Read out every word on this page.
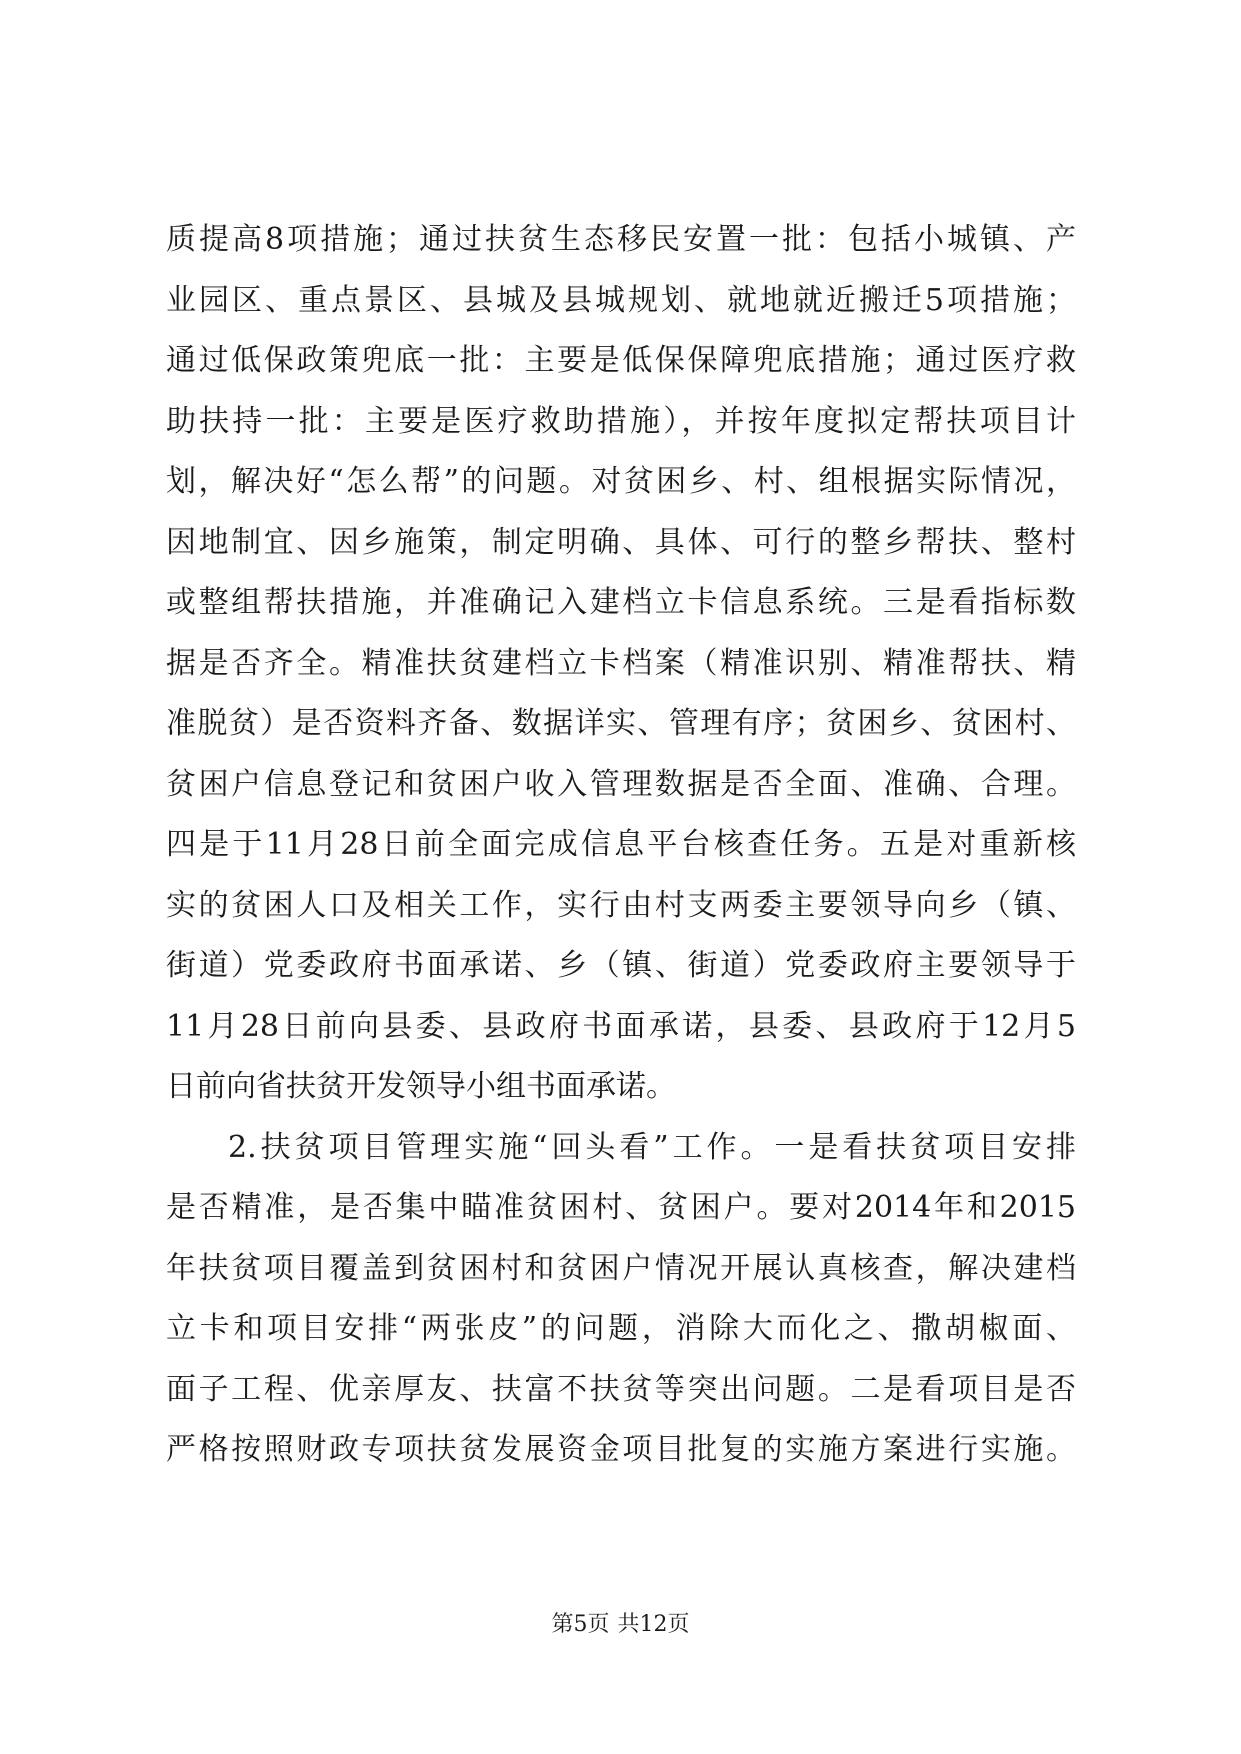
质提高8项措施；通过扶贫生态移民安置一批：包括小城镇、产
业园区、重点景区、县城及县城规划、就地就近搬迁5项措施；
通过低保政策兜底一批：主要是低保保障兜底措施；通过医疗救
助扶持一批：主要是医疗救助措施），并按年度拟定帮扶项目计
划，解决好“怎么帮”的问题。对贫困乡、村、组根据实际情况，
因地制宜、因乡施策，制定明确、具体、可行的整乡帮扶、整村
或整组帮扶措施，并准确记入建档立卡信息系统。三是看指标数
据是否齐全。精准扶贫建档立卡档案（精准识别、精准帮扶、精
准脱贫）是否资料齐备、数据详实、管理有序；贫困乡、贫困村、
贫困户信息登记和贫困户收入管理数据是否全面、准确、合理。
四是于11月28日前全面完成信息平台核查任务。五是对重新核
实的贫困人口及相关工作，实行由村支两委主要领导向乡（镇、
街道）党委政府书面承诺、乡（镇、街道）党委政府主要领导于
11月28日前向县委、县政府书面承诺，县委、县政府于12月5
日前向省扶贫开发领导小组书面承诺。
2.扶贫项目管理实施“回头看”工作。一是看扶贫项目安排
是否精准，是否集中瞄准贫困村、贫困户。要对2014年和2015
年扶贫项目覆盖到贫困村和贫困户情况开展认真核查，解决建档
立卡和项目安排“两张皮”的问题，消除大而化之、撒胡椒面、
面子工程、优亲厚友、扶富不扶贫等突出问题。二是看项目是否
严格按照财政专项扶贫发展资金项目批复的实施方案进行实施。
第5页 共12页
